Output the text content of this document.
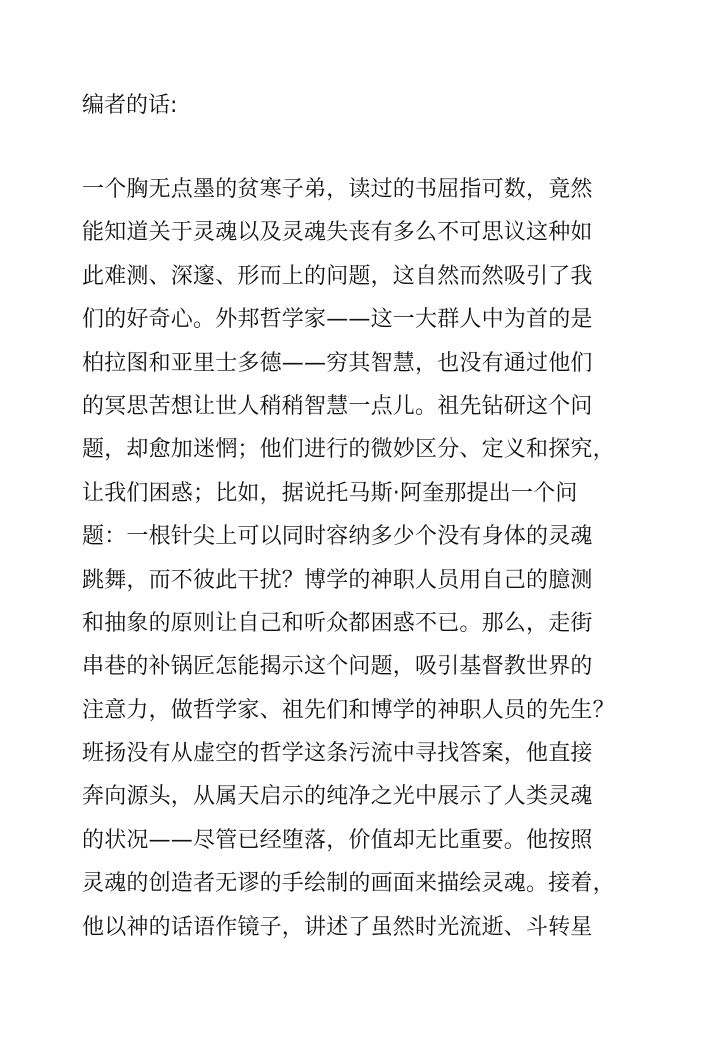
编者的话:
一个胸无点墨的贫寒子弟，读过的书屈指可数，竟然
能知道关于灵魂以及灵魂失丧有多么不可思议这种如
此难测、深邃、形而上的问题，这自然而然吸引了我
们的好奇心。外邦哲学家——这一大群人中为首的是
柏拉图和亚里士多德——穷其智慧，也没有通过他们
的冥思苦想让世人稍稍智慧一点儿。祖先钻研这个问
题，却愈加迷惘；他们进行的微妙区分、定义和探究，
让我们困惑；比如，据说托马斯·阿奎那提出一个问
题：一根针尖上可以同时容纳多少个没有身体的灵魂
跳舞，而不彼此干扰？博学的神职人员用自己的臆测
和抽象的原则让自己和听众都困惑不已。那么，走街
串巷的补锅匠怎能揭示这个问题，吸引基督教世界的
注意力，做哲学家、祖先们和博学的神职人员的先生？
班扬没有从虚空的哲学这条污流中寻找答案，他直接
奔向源头，从属天启示的纯净之光中展示了人类灵魂
的状况——尽管已经堕落，价值却无比重要。他按照
灵魂的创造者无谬的手绘制的画面来描绘灵魂。接着，
他以神的话语作镜子，讲述了虽然时光流逝、斗转星
